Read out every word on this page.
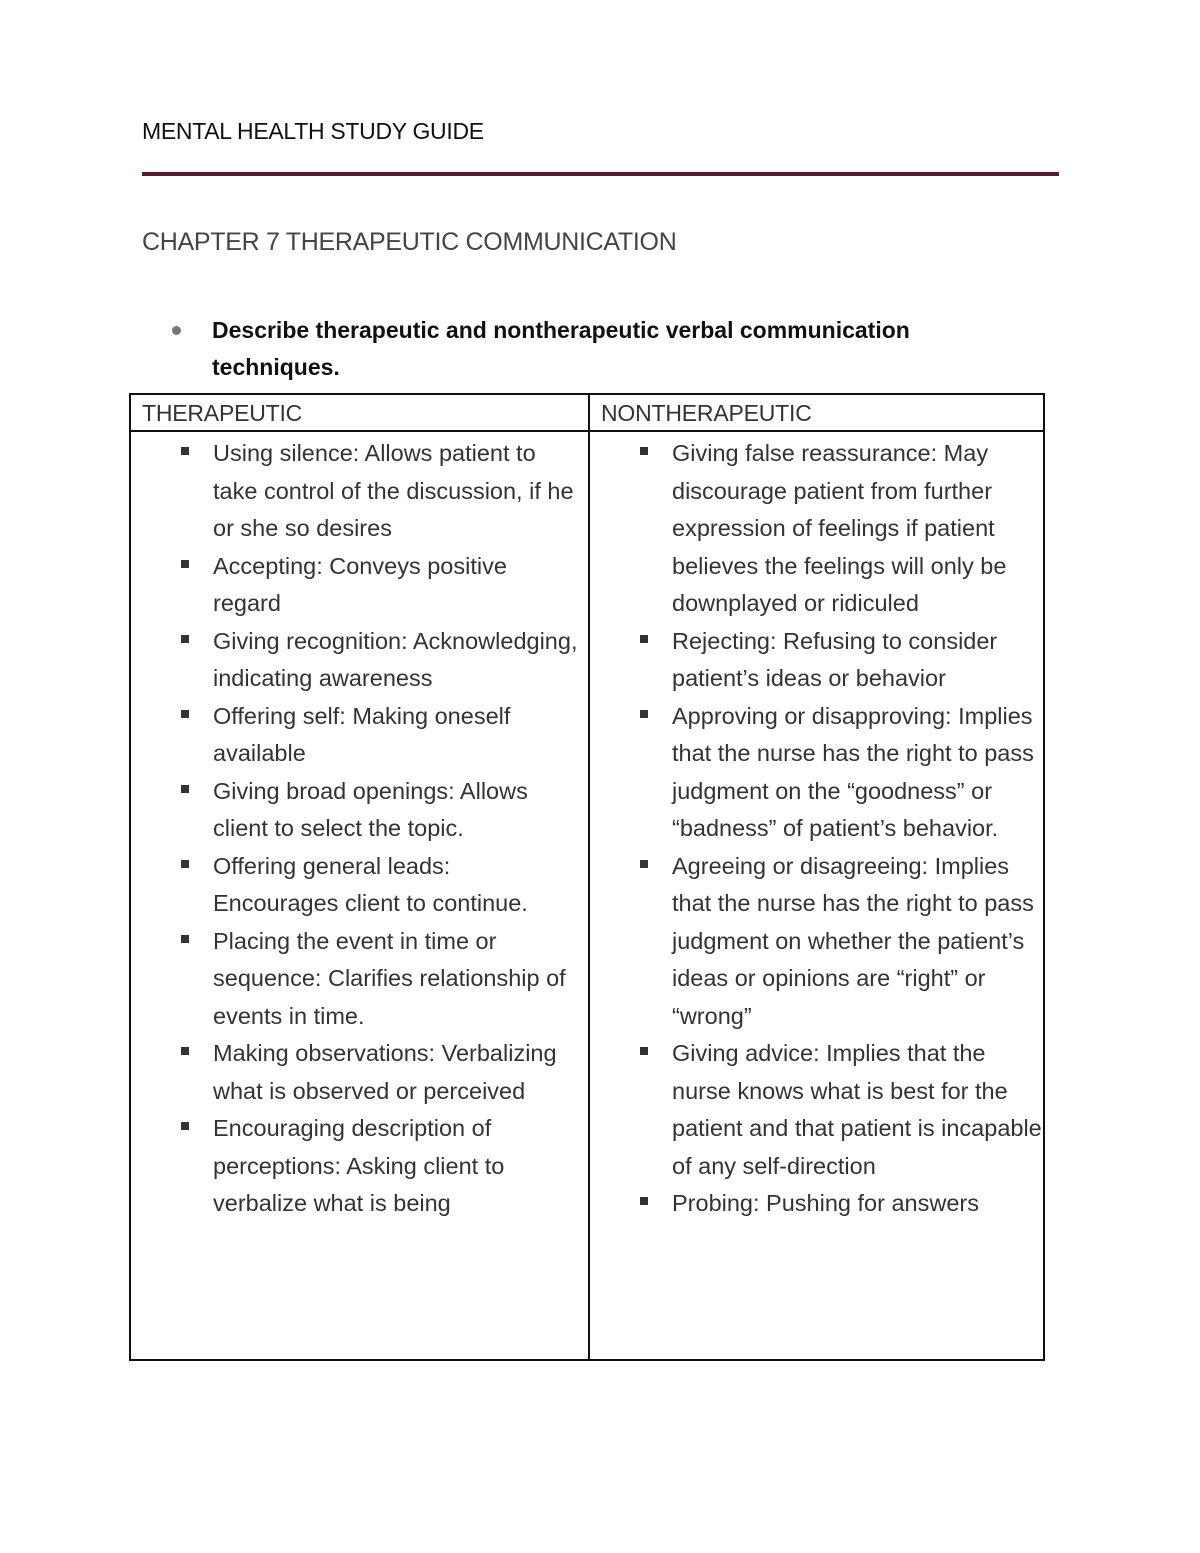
MENTAL HEALTH STUDY GUIDE
CHAPTER 7 THERAPEUTIC COMMUNICATION
Describe therapeutic and nontherapeutic verbal communication techniques.
THERAPEUTIC	NONTHERAPEUTIC
Using silence: Allows patient to take control of the discussion, if he or she so desires
Accepting: Conveys positive regard
Giving recognition: Acknowledging, indicating awareness
Offering self: Making oneself available
Giving broad openings: Allows client to select the topic.
Offering general leads: Encourages client to continue.
Placing the event in time or sequence: Clarifies relationship of events in time.
Making observations: Verbalizing what is observed or perceived
Encouraging description of perceptions: Asking client to verbalize what is being
Giving false reassurance: May discourage patient from further expression of feelings if patient believes the feelings will only be downplayed or ridiculed
Rejecting: Refusing to consider patient’s ideas or behavior
Approving or disapproving: Implies that the nurse has the right to pass judgment on the “goodness” or “badness” of patient’s behavior.
Agreeing or disagreeing: Implies that the nurse has the right to pass judgment on whether the patient’s ideas or opinions are “right” or “wrong”
Giving advice: Implies that the nurse knows what is best for the patient and that patient is incapable of any self-direction
Probing: Pushing for answers
